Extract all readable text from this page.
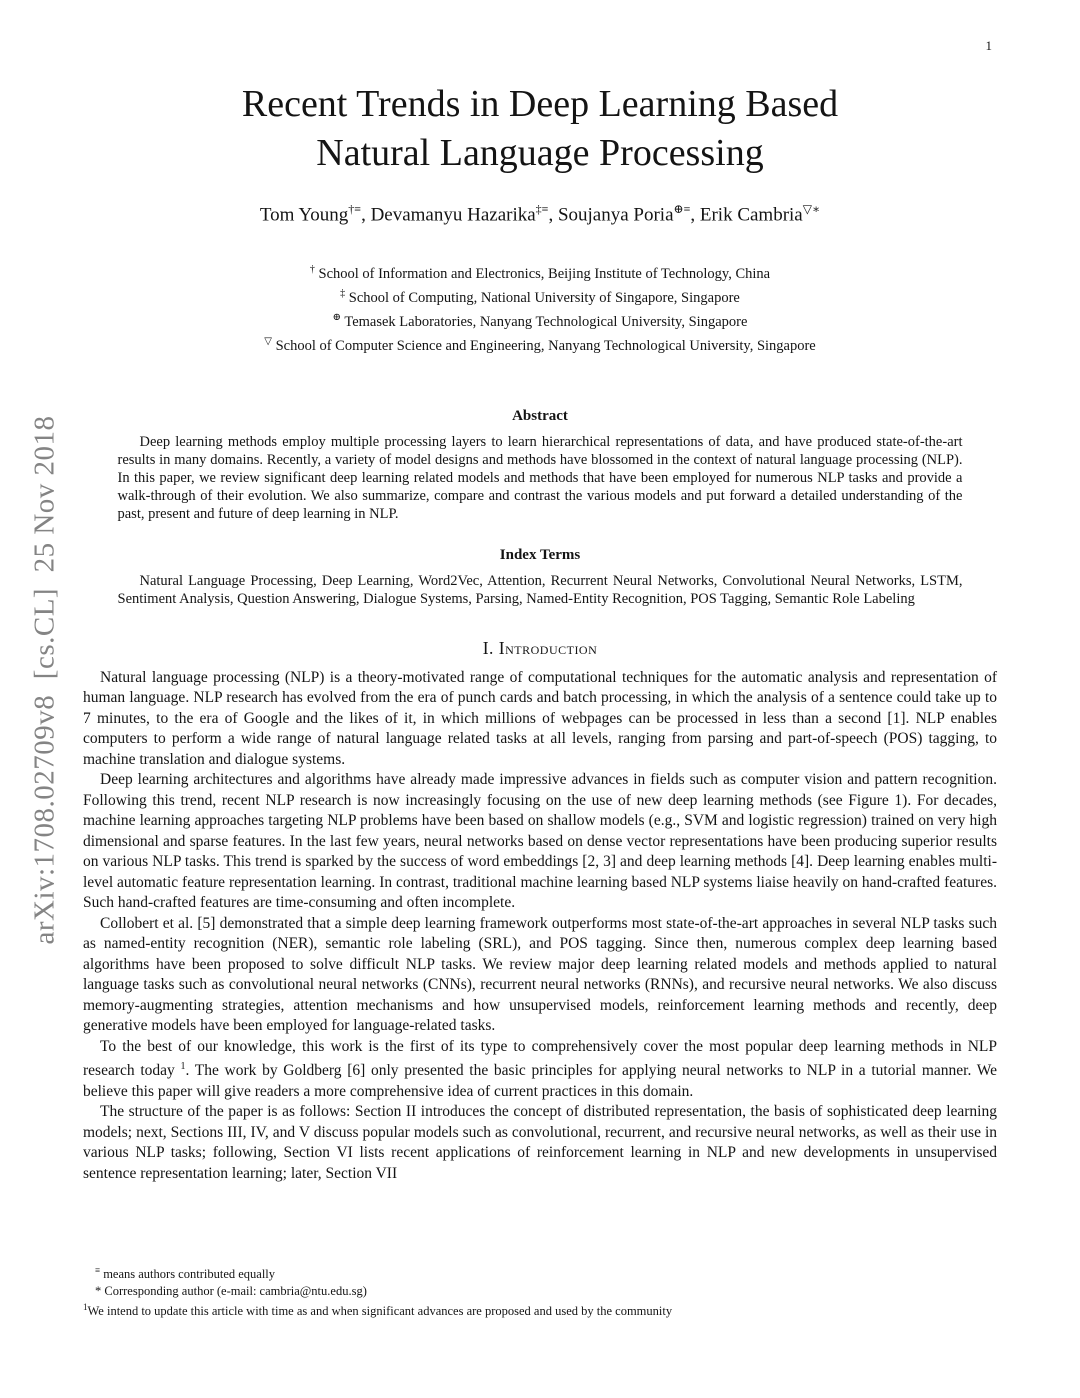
1
arXiv:1708.02709v8  [cs.CL]  25 Nov 2018
Recent Trends in Deep Learning Based
Natural Language Processing
Tom Young†≡, Devamanyu Hazarika‡≡, Soujanya Poria⊕≡, Erik Cambria▽∗
† School of Information and Electronics, Beijing Institute of Technology, China
‡ School of Computing, National University of Singapore, Singapore
⊕ Temasek Laboratories, Nanyang Technological University, Singapore
▽ School of Computer Science and Engineering, Nanyang Technological University, Singapore
Abstract

Deep learning methods employ multiple processing layers to learn hierarchical representations of data, and have produced state-of-the-art results in many domains. Recently, a variety of model designs and methods have blossomed in the context of natural language processing (NLP). In this paper, we review significant deep learning related models and methods that have been employed for numerous NLP tasks and provide a walk-through of their evolution. We also summarize, compare and contrast the various models and put forward a detailed understanding of the past, present and future of deep learning in NLP.

Index Terms

Natural Language Processing, Deep Learning, Word2Vec, Attention, Recurrent Neural Networks, Convolutional Neural Networks, LSTM, Sentiment Analysis, Question Answering, Dialogue Systems, Parsing, Named-Entity Recognition, POS Tagging, Semantic Role Labeling

I. Introduction

Natural language processing (NLP) is a theory-motivated range of computational techniques for the automatic analysis and representation of human language. NLP research has evolved from the era of punch cards and batch processing, in which the analysis of a sentence could take up to 7 minutes, to the era of Google and the likes of it, in which millions of webpages can be processed in less than a second [1]. NLP enables computers to perform a wide range of natural language related tasks at all levels, ranging from parsing and part-of-speech (POS) tagging, to machine translation and dialogue systems.

Deep learning architectures and algorithms have already made impressive advances in fields such as computer vision and pattern recognition. Following this trend, recent NLP research is now increasingly focusing on the use of new deep learning methods (see Figure 1). For decades, machine learning approaches targeting NLP problems have been based on shallow models (e.g., SVM and logistic regression) trained on very high dimensional and sparse features. In the last few years, neural networks based on dense vector representations have been producing superior results on various NLP tasks. This trend is sparked by the success of word embeddings [2, 3] and deep learning methods [4]. Deep learning enables multi-level automatic feature representation learning. In contrast, traditional machine learning based NLP systems liaise heavily on hand-crafted features. Such hand-crafted features are time-consuming and often incomplete.

Collobert et al. [5] demonstrated that a simple deep learning framework outperforms most state-of-the-art approaches in several NLP tasks such as named-entity recognition (NER), semantic role labeling (SRL), and POS tagging. Since then, numerous complex deep learning based algorithms have been proposed to solve difficult NLP tasks. We review major deep learning related models and methods applied to natural language tasks such as convolutional neural networks (CNNs), recurrent neural networks (RNNs), and recursive neural networks. We also discuss memory-augmenting strategies, attention mechanisms and how unsupervised models, reinforcement learning methods and recently, deep generative models have been employed for language-related tasks.

To the best of our knowledge, this work is the first of its type to comprehensively cover the most popular deep learning methods in NLP research today $^1$. The work by Goldberg [6] only presented the basic principles for applying neural networks to NLP in a tutorial manner. We believe this paper will give readers a more comprehensive idea of current practices in this domain.

The structure of the paper is as follows: Section II introduces the concept of distributed representation, the basis of sophisticated deep learning models; next, Sections III, IV, and V discuss popular models such as convolutional, recurrent, and recursive neural networks, as well as their use in various NLP tasks; following, Section VI lists recent applications of reinforcement learning in NLP and new developments in unsupervised sentence representation learning; later, Section VII

≡ means authors contributed equally
* Corresponding author (e-mail: cambria@ntu.edu.sg)
$^1$We intend to update this article with time as and when significant advances are proposed and used by the community
